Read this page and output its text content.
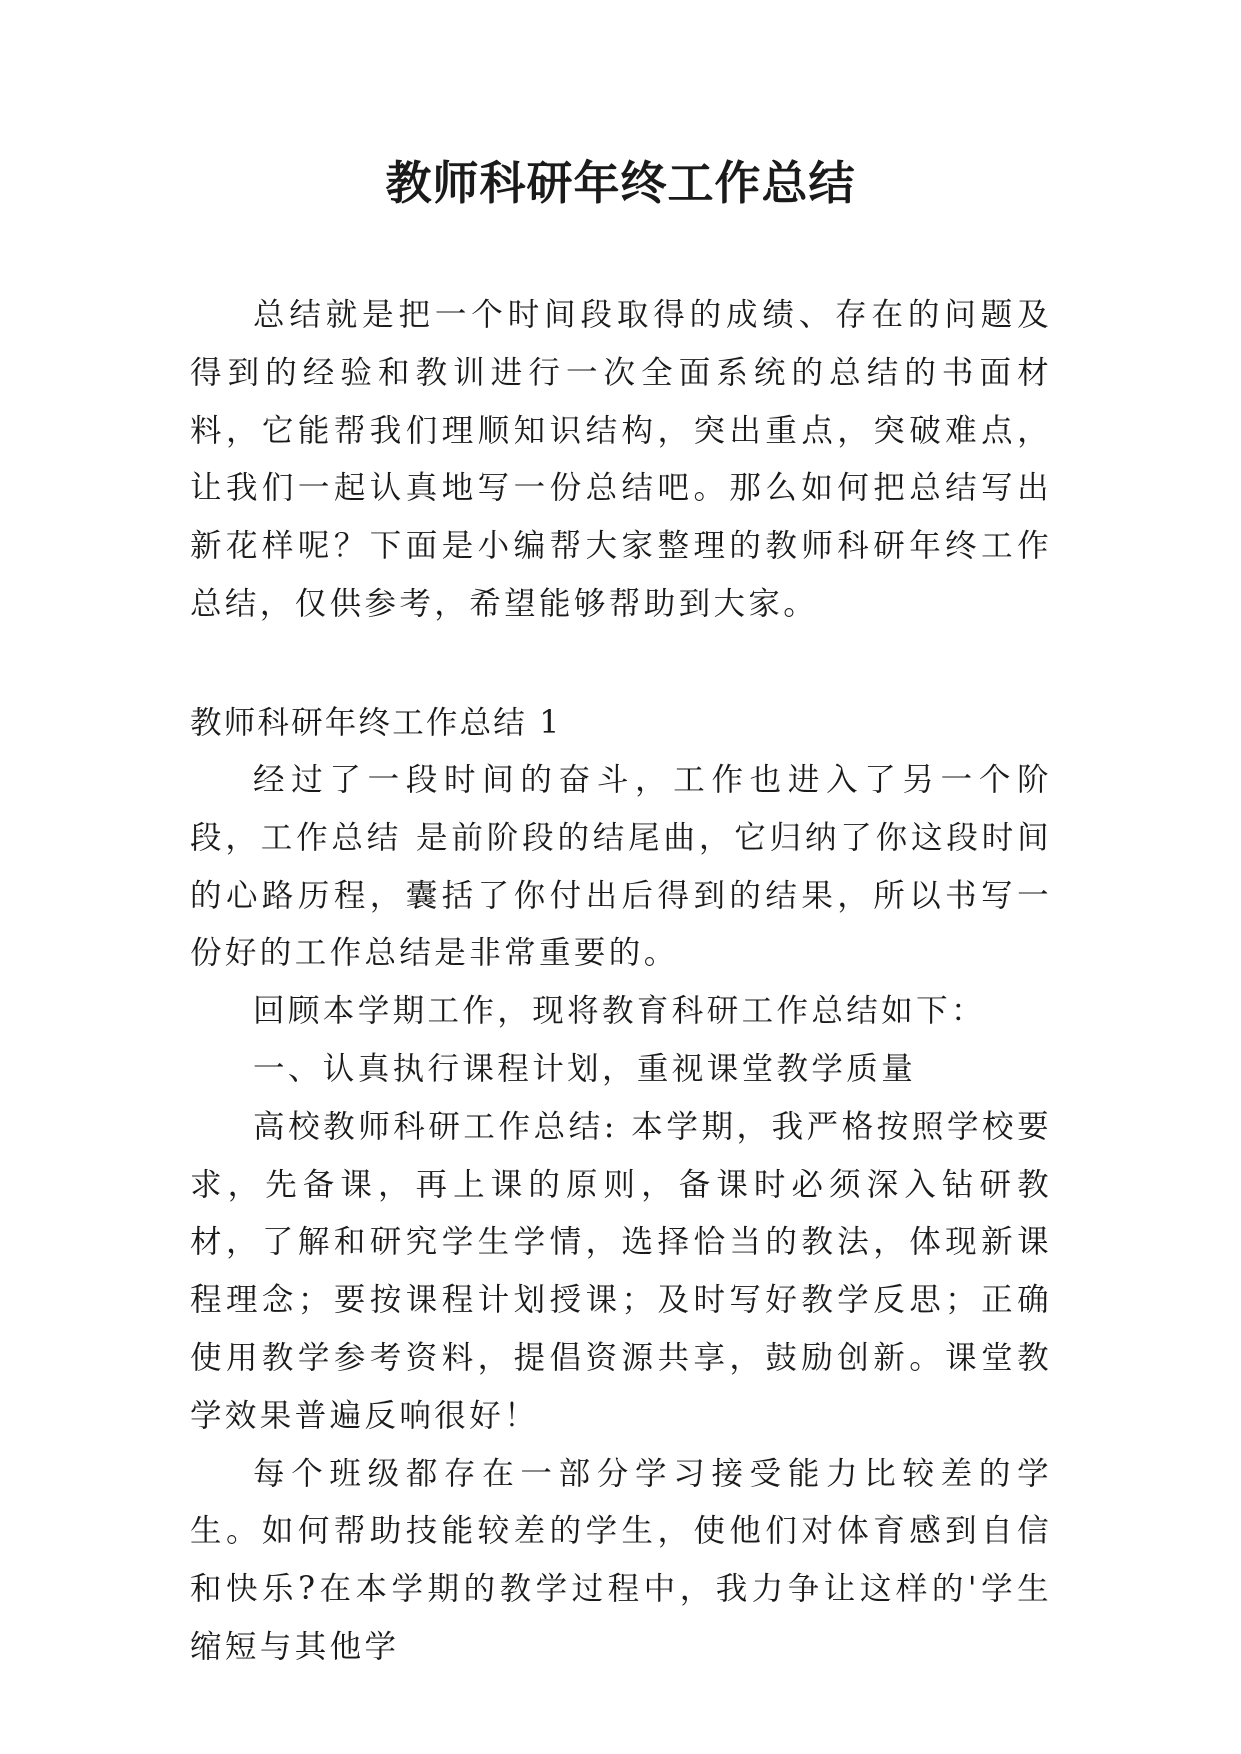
教师科研年终工作总结

总结就是把一个时间段取得的成绩、存在的问题及得到的经验和教训进行一次全面系统的总结的书面材料，它能帮我们理顺知识结构，突出重点，突破难点，让我们一起认真地写一份总结吧。那么如何把总结写出新花样呢？下面是小编帮大家整理的教师科研年终工作总结，仅供参考，希望能够帮助到大家。

教师科研年终工作总结 1

经过了一段时间的奋斗，工作也进入了另一个阶段，工作总结 是前阶段的结尾曲，它归纳了你这段时间的心路历程，囊括了你付出后得到的结果，所以书写一份好的工作总结是非常重要的。

回顾本学期工作，现将教育科研工作总结如下：

一、认真执行课程计划，重视课堂教学质量

高校教师科研工作总结: 本学期，我严格按照学校要求，先备课，再上课的原则，备课时必须深入钻研教材，了解和研究学生学情，选择恰当的教法，体现新课程理念；要按课程计划授课；及时写好教学反思；正确使用教学参考资料，提倡资源共享，鼓励创新。课堂教学效果普遍反响很好！

每个班级都存在一部分学习接受能力比较差的学生。如何帮助技能较差的学生，使他们对体育感到自信和快乐?在本学期的教学过程中，我力争让这样的'学生缩短与其他学
